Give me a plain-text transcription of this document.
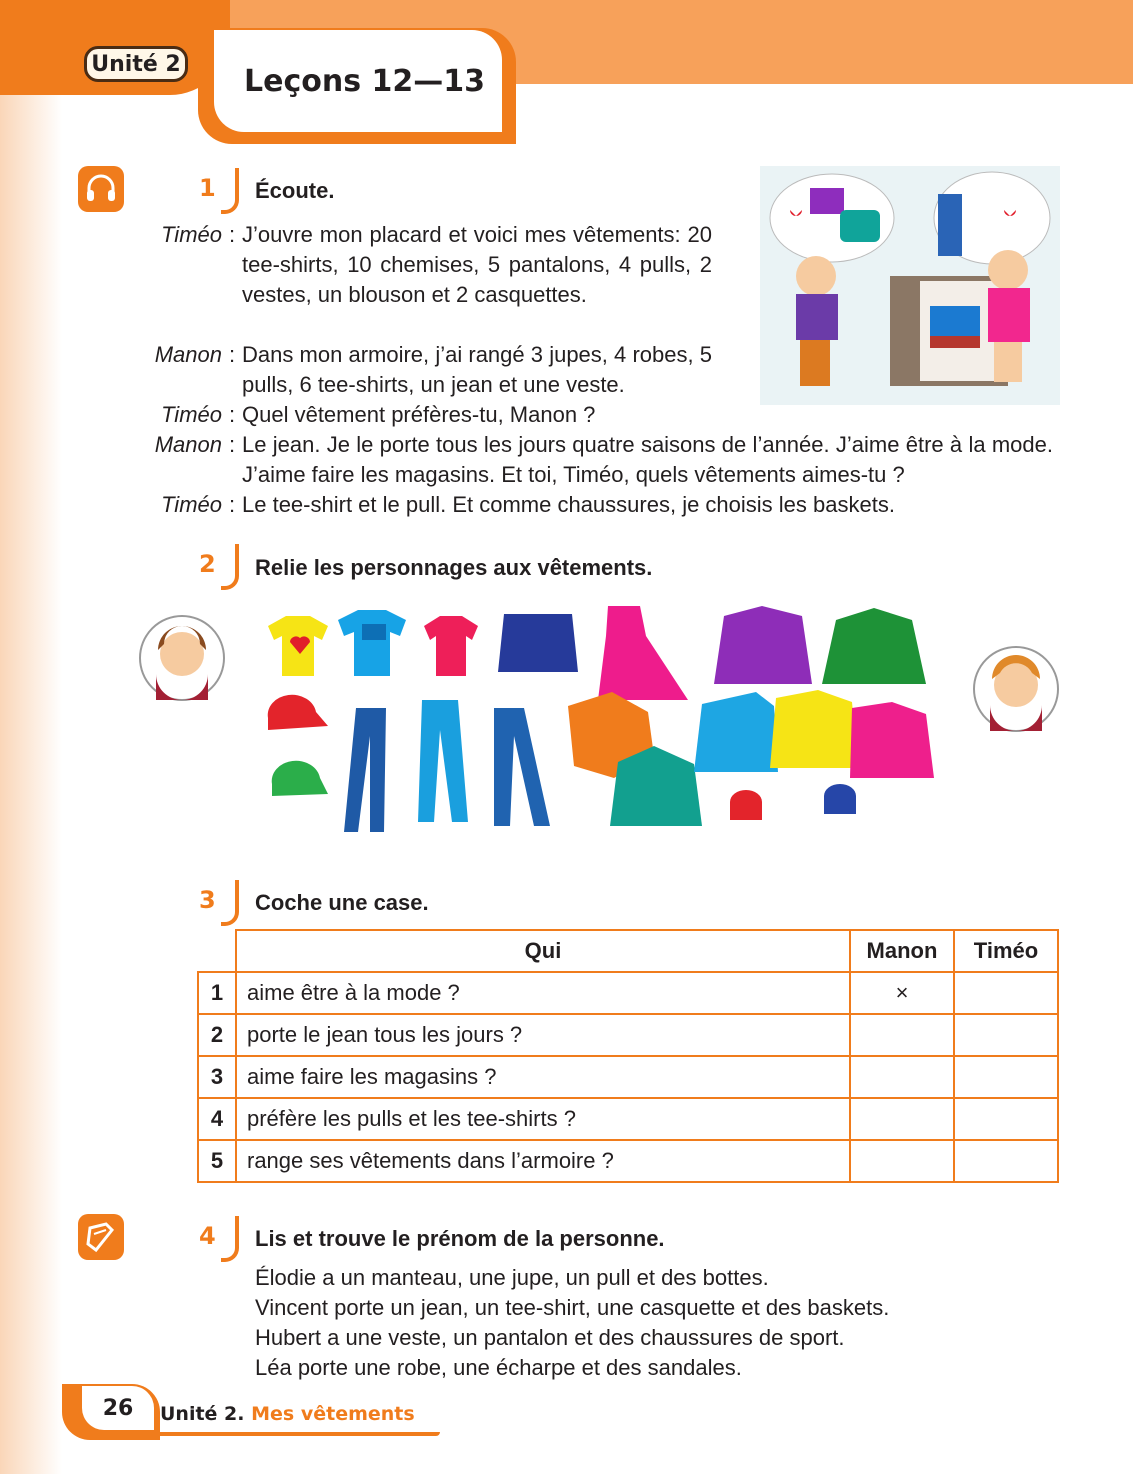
Unité 2 Leçons 12—13
1 Écoute.
Timéo : J’ouvre mon placard et voici mes vêtements: 20 tee-shirts, 10 chemises, 5 pantalons, 4 pulls, 2 vestes, un blouson et 2 casquettes.
Manon : Dans mon armoire, j’ai rangé 3 jupes, 4 robes, 5 pulls, 6 tee-shirts, un jean et une veste.
Timéo : Quel vêtement préfères-tu, Manon ?
Manon : Le jean. Je le porte tous les jours quatre saisons de l’année. J’aime être à la mode. J’aime faire les magasins. Et toi, Timéo, quels vêtements aimes-tu ?
Timéo : Le tee-shirt et le pull. Et comme chaussures, je choisis les baskets.
2 Relie les personnages aux vêtements.
3 Coche une case.
	Qui	Manon	Timéo
1	aime être à la mode ?	×	
2	porte le jean tous les jours ?		
3	aime faire les magasins ?		
4	préfère les pulls et les tee-shirts ?		
5	range ses vêtements dans l’armoire ?		
4 Lis et trouve le prénom de la personne.
Élodie a un manteau, une jupe, un pull et des bottes.
Vincent porte un jean, un tee-shirt, une casquette et des baskets.
Hubert a une veste, un pantalon et des chaussures de sport.
Léa porte une robe, une écharpe et des sandales.
26	Unité 2.
Mes vêtements
